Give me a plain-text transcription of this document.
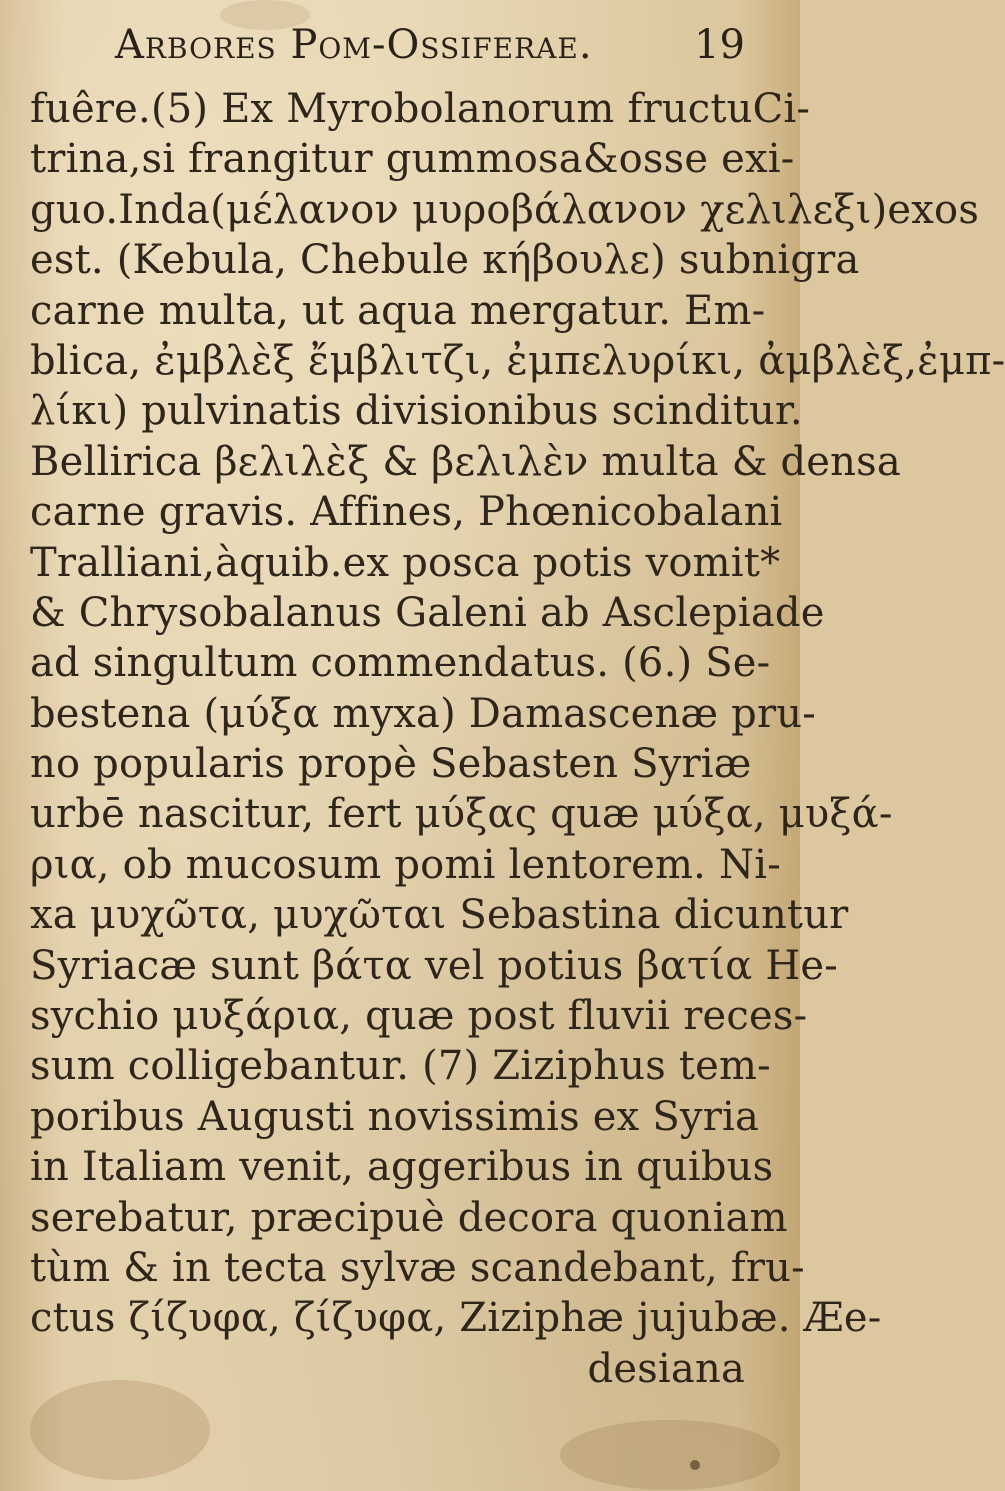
Arbores Pom-Ossiferae.	19
fuêre.(5) Ex Myrobolanorum fructuCi-
trina,si frangitur gummosa&osse exi-
guo.Inda(μέλανον μυροβάλανον χελιλεξι)exos
est. (Kebula, Chebule κήβουλε) subnigra
carne multa, ut aqua mergatur. Em-
blica, ἐμβλὲξ ἔμβλιτζι, ἐμπελυρίκι, ἀμβλὲξ,ἐμπ-
λίκι) pulvinatis divisionibus scinditur.
Bellirica βελιλὲξ & βελιλὲν multa & densa
carne gravis. Affines, Phœnicobalani
Tralliani,àquib.ex posca potis vomit*
& Chrysobalanus Galeni ab Asclepiade
ad singultum commendatus. (6.) Se-
bestena (μύξα myxa) Damascenæ pru-
no popularis propè Sebasten Syriæ
urbē nascitur, fert μύξας quæ μύξα, μυξά-
ρια, ob mucosum pomi lentorem. Ni-
xa μυχῶτα, μυχῶται Sebastina dicuntur
Syriacæ sunt βάτα vel potius βατία He-
sychio μυξάρια, quæ post fluvii reces-
sum colligebantur. (7) Ziziphus tem-
poribus Augusti novissimis ex Syria
in Italiam venit, aggeribus in quibus
serebatur, præcipuè decora quoniam
tùm & in tecta sylvæ scandebant, fru-
ctus ζίζυφα, ζίζυφα, Ziziphæ jujubæ. Æe-
desiana
